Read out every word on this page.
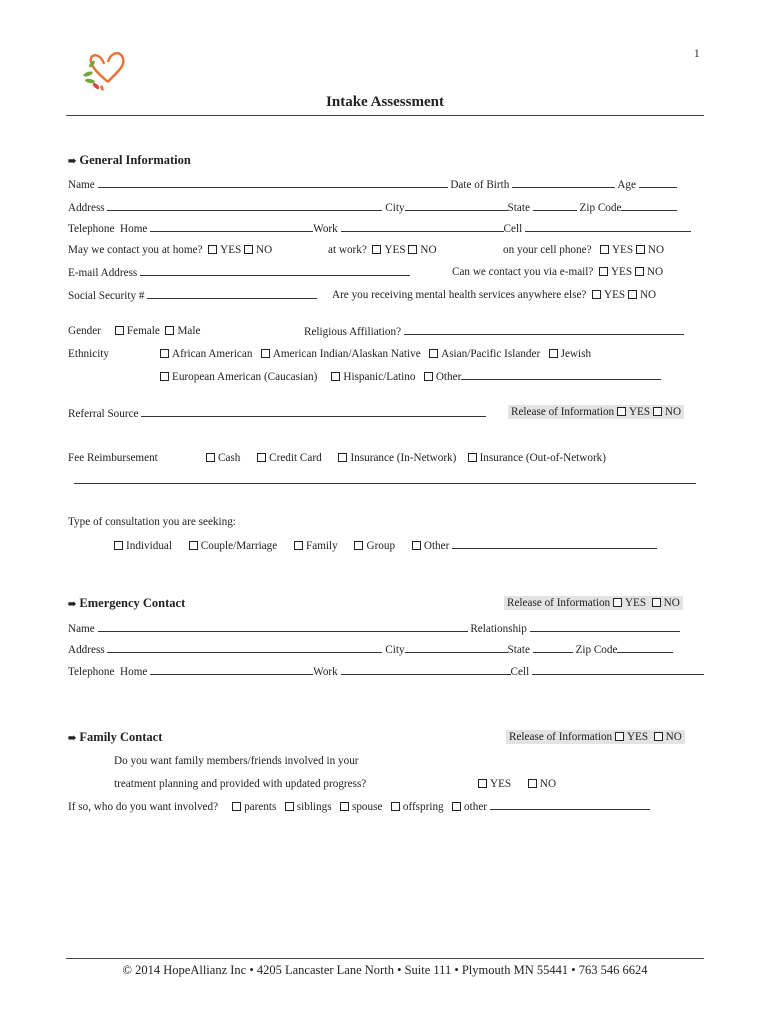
1
Intake Assessment
➠ General Information
Name	Date of Birth	Age
Address	City	State	Zip Code
Telephone Home	Work	Cell
May we contact you at home? YES NO	at work? YES NO	on your cell phone? YES NO
E-mail Address	Can we contact you via e-mail? YES NO
Social Security #	Are you receiving mental health services anywhere else? YES NO
Gender Female Male	Religious Affiliation?
Ethnicity	African American American Indian/Alaskan Native Asian/Pacific Islander Jewish
European American (Caucasian) Hispanic/Latino Other
Referral Source	Release of Information YES NO
Fee Reimbursement	Cash	Credit Card	Insurance (In-Network) Insurance (Out-of-Network)
Type of consultation you are seeking:
Individual	Couple/Marriage	Family	Group	Other
➠ Emergency Contact	Release of Information YES NO
Name	Relationship
Address	City	State	Zip Code
Telephone Home	Work	Cell
➠ Family Contact	Release of Information YES NO
Do you want family members/friends involved in your
treatment planning and provided with updated progress?	YES	NO
If so, who do you want involved? parents siblings spouse offspring other
© 2014 HopeAllianz Inc • 4205 Lancaster Lane North • Suite 111 • Plymouth MN 55441 • 763 546 6624
